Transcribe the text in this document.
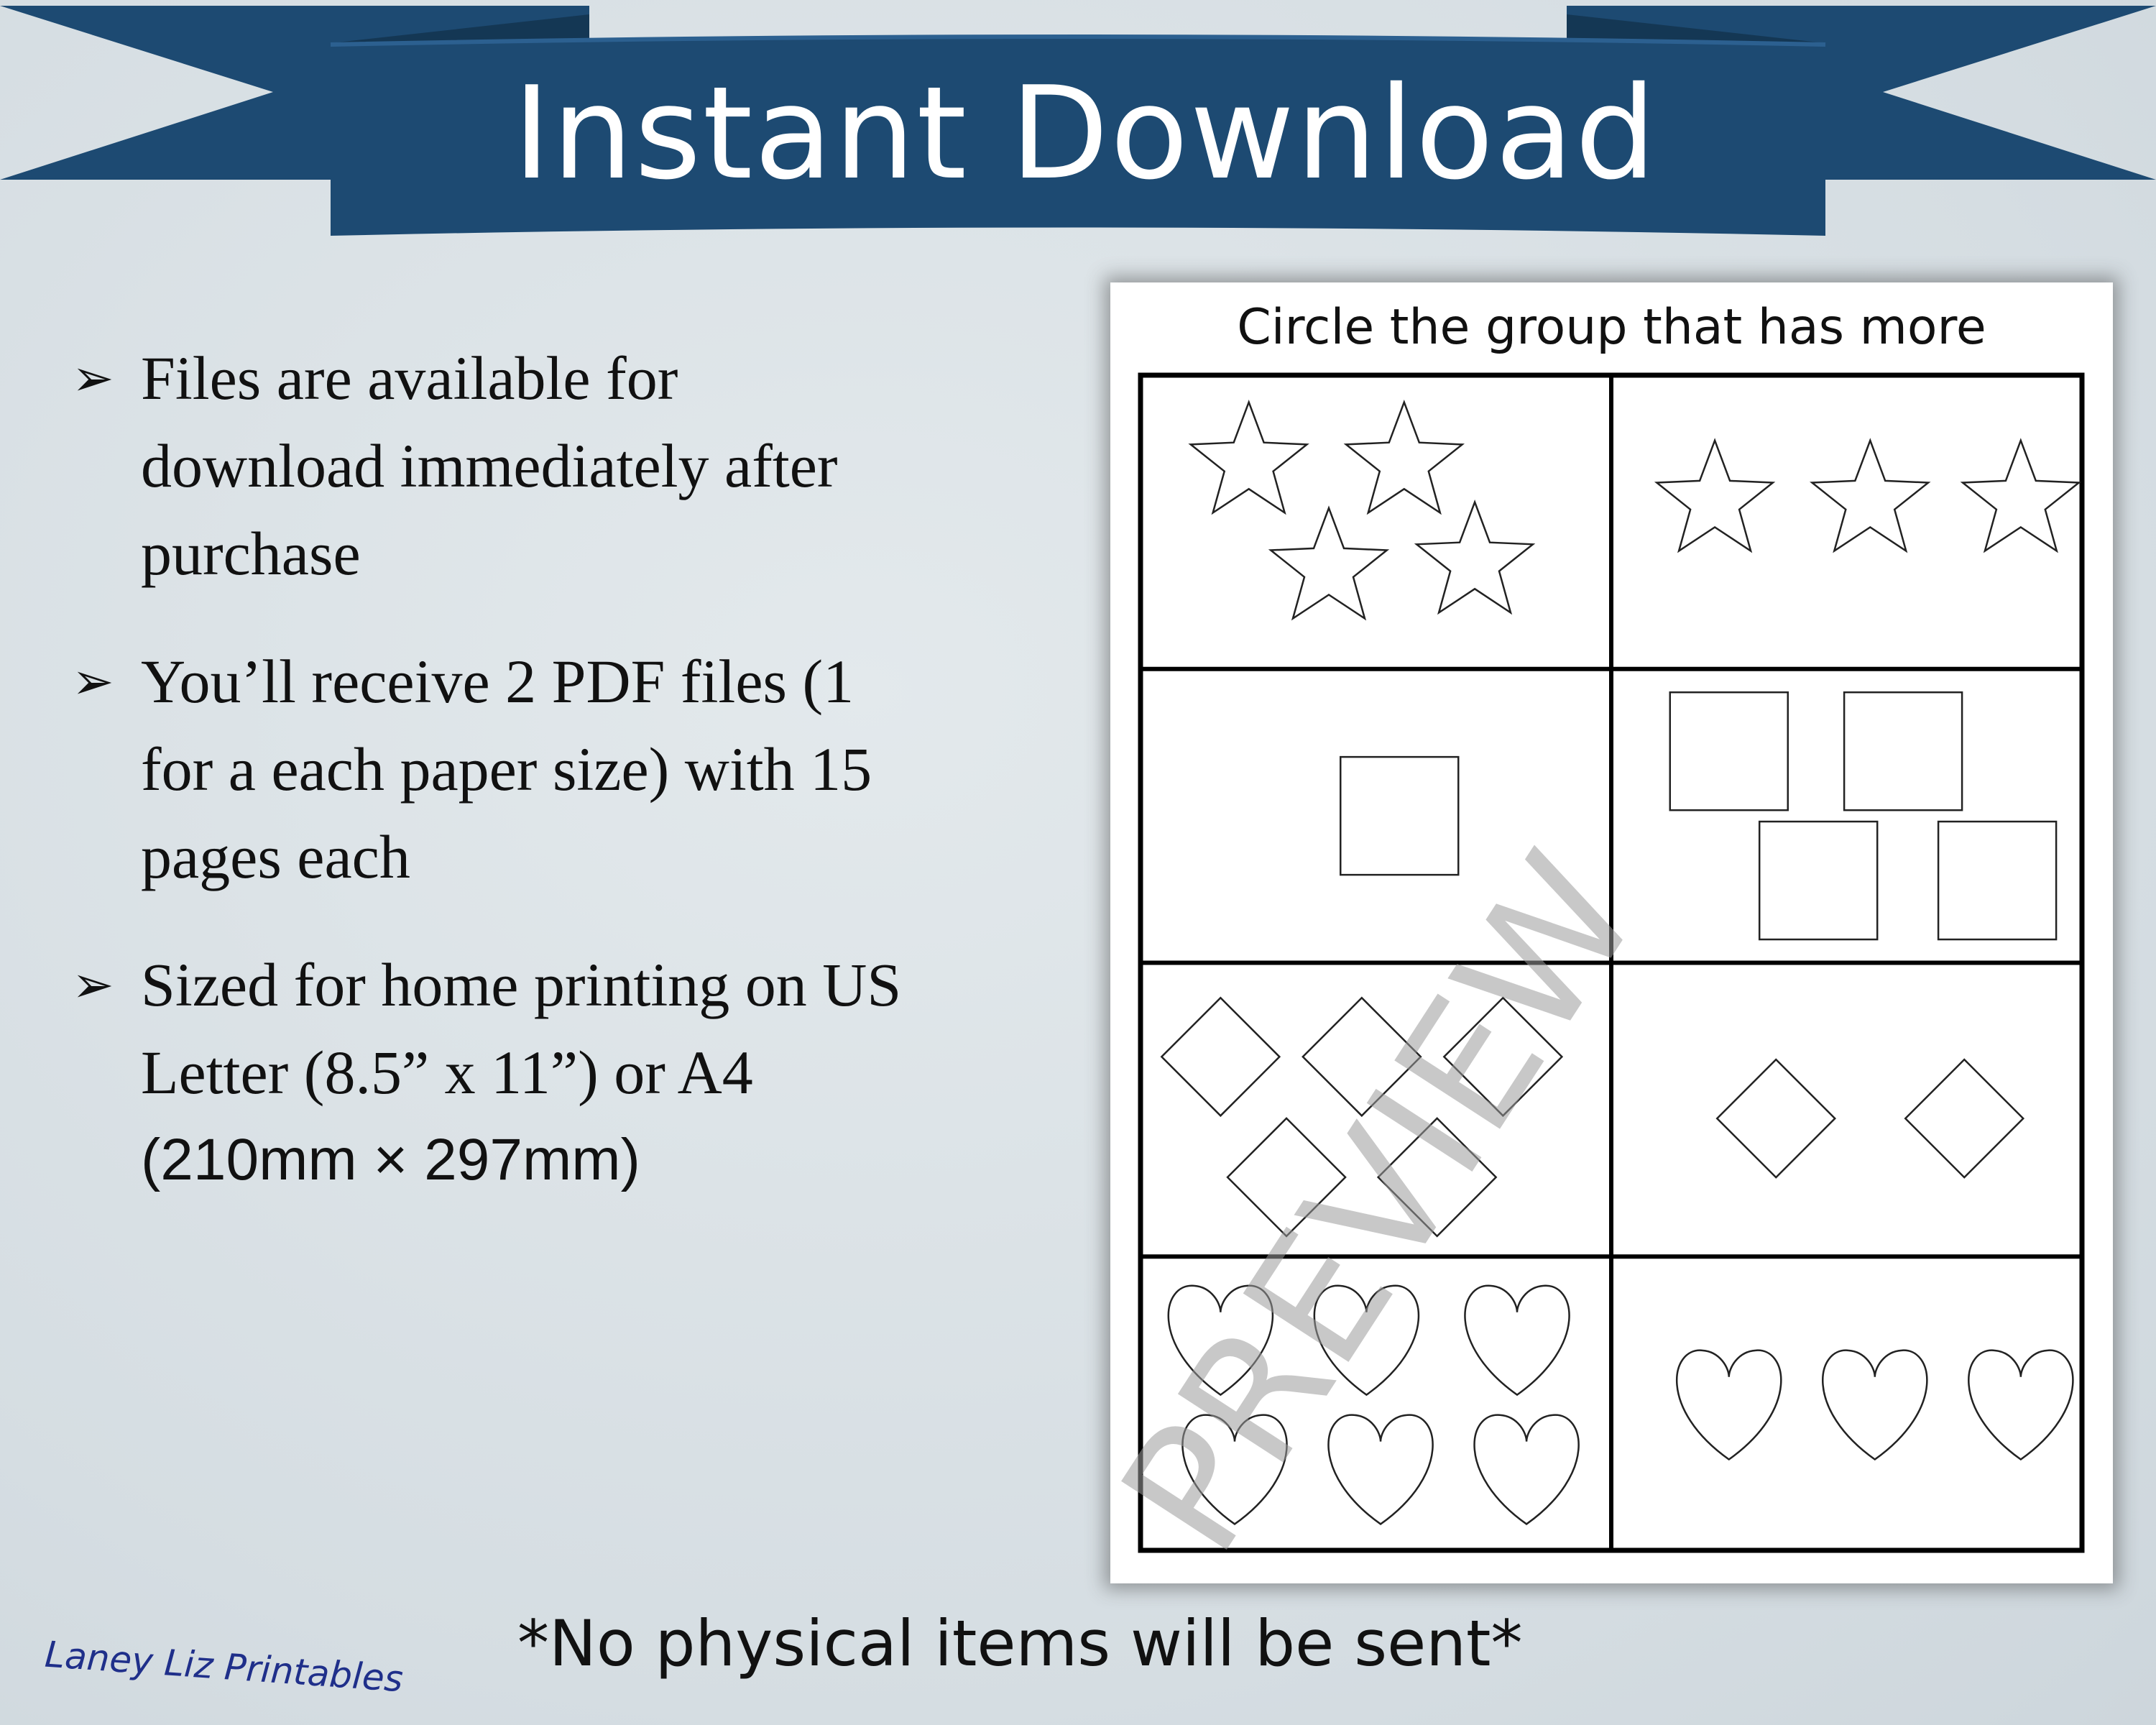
Instant Download
➢ Files are available for
download immediately after
purchase
➢ You’ll receive 2 PDF files (1
for a each paper size) with 15
pages each
➢ Sized for home printing on US
Letter (8.5” x 11”) or A4
(210mm × 297mm)
Circle the group that has more
PREVIEW
*No physical items will be sent*
Laney Liz Printables
